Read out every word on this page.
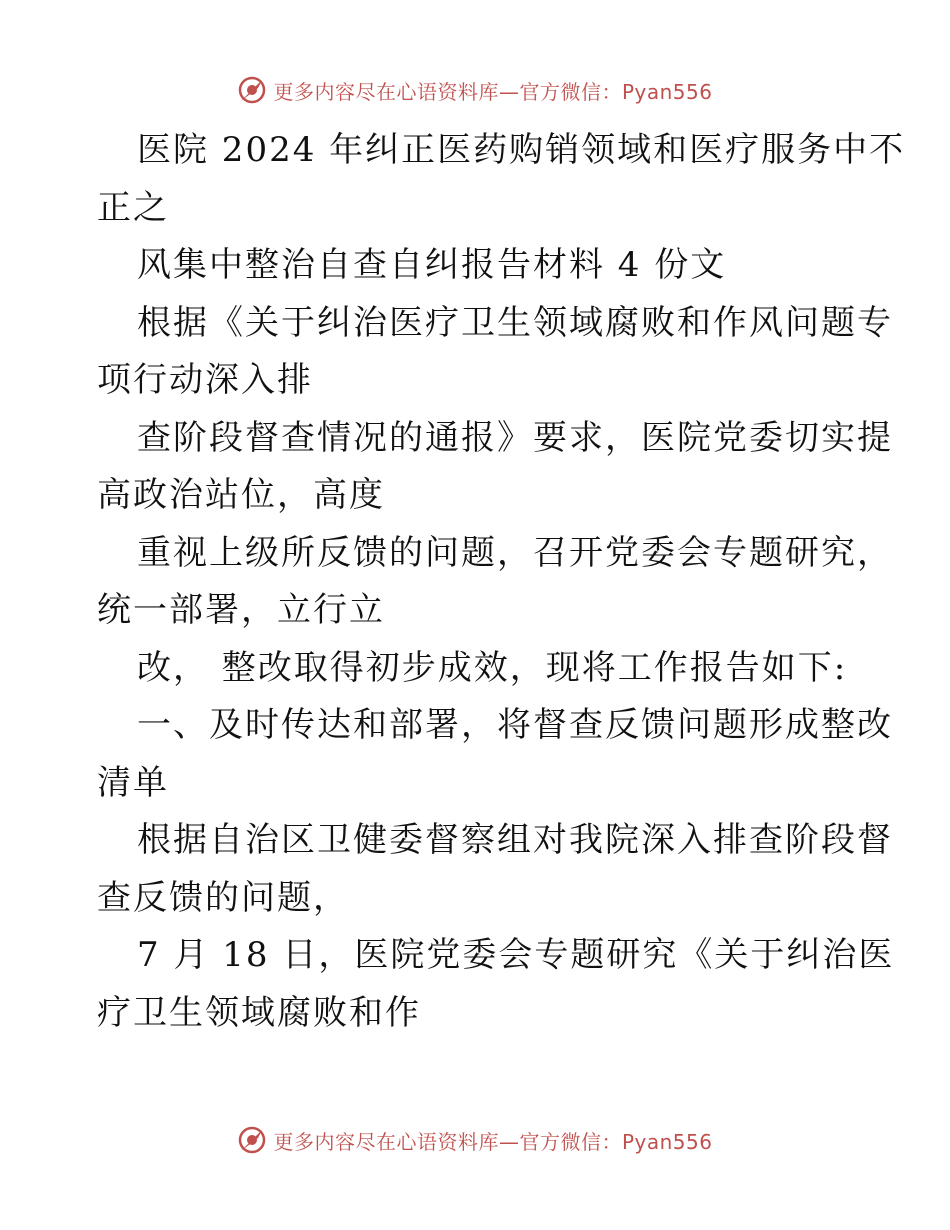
更多内容尽在心语资料库—官方微信：Pyan556
医院 2024 年纠正医药购销领域和医疗服务中不
正之
风集中整治自查自纠报告材料 4 份文
根据《关于纠治医疗卫生领域腐败和作风问题专
项行动深入排
查阶段督查情况的通报》要求，医院党委切实提
高政治站位，高度
重视上级所反馈的问题，召开党委会专题研究，
统一部署，立行立
改， 整改取得初步成效，现将工作报告如下:
一、及时传达和部署，将督查反馈问题形成整改
清单
根据自治区卫健委督察组对我院深入排查阶段督
查反馈的问题，
7 月 18 日，医院党委会专题研究《关于纠治医
疗卫生领域腐败和作
更多内容尽在心语资料库—官方微信：Pyan556
